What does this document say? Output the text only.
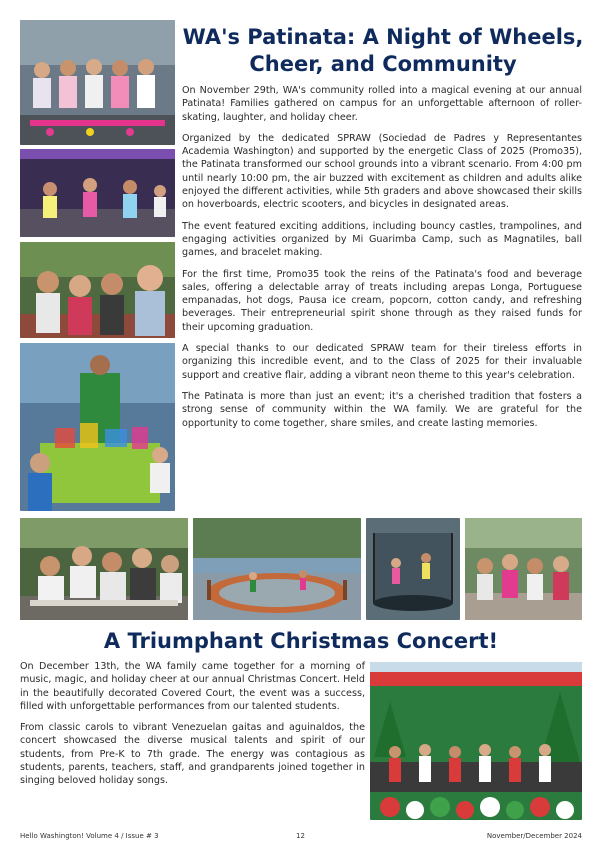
WA's Patinata: A Night of Wheels,
Cheer, and Community

On November 29th, WA's community rolled into a magical evening at our annual Patinata! Families gathered on campus for an unforgettable afternoon of roller-skating, laughter, and holiday cheer.

Organized by the dedicated SPRAW (Sociedad de Padres y Representantes Academia Washington) and supported by the energetic Class of 2025 (Promo35), the Patinata transformed our school grounds into a vibrant scenario. From 4:00 pm until nearly 10:00 pm, the air buzzed with excitement as children and adults alike enjoyed the different activities, while 5th graders and above showcased their skills on hoverboards, electric scooters, and bicycles in designated areas.

The event featured exciting additions, including bouncy castles, trampolines, and engaging activities organized by Mi Guarimba Camp, such as Magnatiles, ball games, and bracelet making.

For the first time, Promo35 took the reins of the Patinata's food and beverage sales, offering a delectable array of treats including arepas Longa, Portuguese empanadas, hot dogs, Pausa ice cream, popcorn, cotton candy, and refreshing beverages. Their entrepreneurial spirit shone through as they raised funds for their upcoming graduation.

A special thanks to our dedicated SPRAW team for their tireless efforts in organizing this incredible event, and to the Class of 2025 for their invaluable support and creative flair, adding a vibrant neon theme to this year's celebration.

The Patinata is more than just an event; it's a cherished tradition that fosters a strong sense of community within the WA family. We are grateful for the opportunity to come together, share smiles, and create lasting memories.

A Triumphant Christmas Concert!

On December 13th, the WA family came together for a morning of music, magic, and holiday cheer at our annual Christmas Concert. Held in the beautifully decorated Covered Court, the event was a success, filled with unforgettable performances from our talented students.

From classic carols to vibrant Venezuelan gaitas and aguinaldos, the concert showcased the diverse musical talents and spirit of our students, from Pre-K to 7th grade. The energy was contagious as students, parents, teachers, staff, and grandparents joined together in singing beloved holiday songs.

Hello Washington! Volume 4 / Issue # 3	12	November/December 2024
